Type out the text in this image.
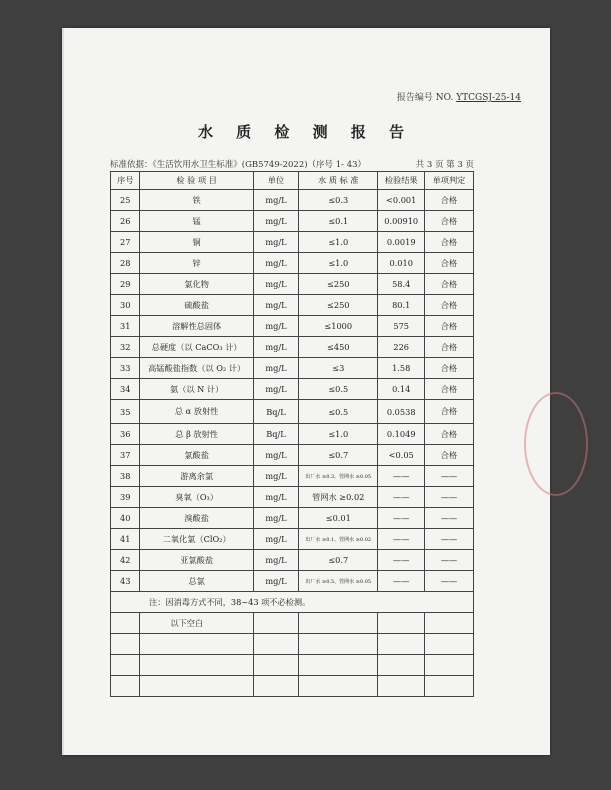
报告编号 NO. YTCGSJ-25-14
水 质 检 测 报 告
标准依据：《生活饮用水卫生标准》(GB5749-2022)（序号 1- 43）	共 3 页 第 3 页
序号	检 验 项 目	单位	水 质 标 准	检验结果	单项判定
25	铁	mg/L	≤0.3	<0.001	合格
26	锰	mg/L	≤0.1	0.00910	合格
27	铜	mg/L	≤1.0	0.0019	合格
28	锌	mg/L	≤1.0	0.010	合格
29	氯化物	mg/L	≤250	58.4	合格
30	硫酸盐	mg/L	≤250	80.1	合格
31	溶解性总固体	mg/L	≤1000	575	合格
32	总硬度（以 CaCO₃ 计）	mg/L	≤450	226	合格
33	高锰酸盐指数（以 O₂ 计）	mg/L	≤3	1.58	合格
34	氨（以 N 计）	mg/L	≤0.5	0.14	合格
35	总 α 放射性	Bq/L	≤0.5	0.0538	合格
36	总 β 放射性	Bq/L	≤1.0	0.1049	合格
37	氯酸盐	mg/L	≤0.7	<0.05	合格
38	游离余氯	mg/L	出厂水 ≥0.3、管网水 ≥0.05	——	——
39	臭氧（O₃）	mg/L	管网水 ≥0.02	——	——
40	溴酸盐	mg/L	≤0.01	——	——
41	二氧化氯（ClO₂）	mg/L	出厂水 ≥0.1、管网水 ≥0.02	——	——
42	亚氯酸盐	mg/L	≤0.7	——	——
43	总氯	mg/L	出厂水 ≥0.5、管网水 ≥0.05	——	——
注：因消毒方式不同，38~43 项不必检测。					
	以下空白				
